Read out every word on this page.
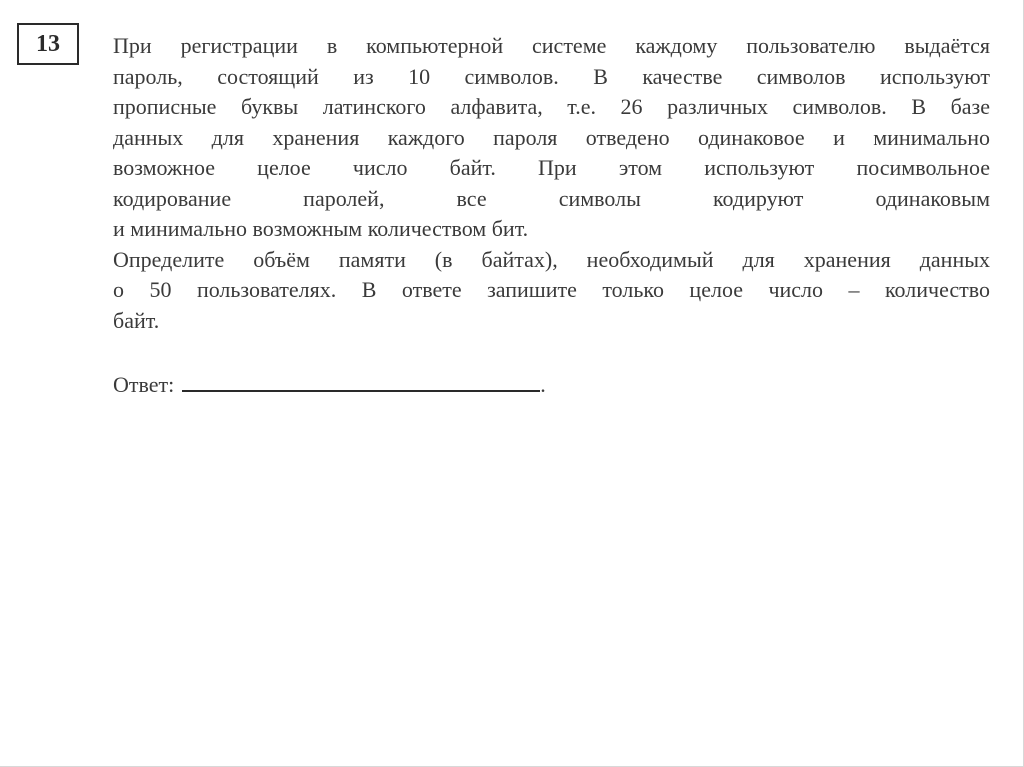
13 При регистрации в компьютерной системе каждому пользователю выдаётся
пароль, состоящий из 10 символов. В качестве символов используют
прописные буквы латинского алфавита, т.е. 26 различных символов. В базе
данных для хранения каждого пароля отведено одинаковое и минимально
возможное целое число байт. При этом используют посимвольное
кодирование паролей, все символы кодируют одинаковым
и минимально возможным количеством бит.
Определите объём памяти (в байтах), необходимый для хранения данных
о 50 пользователях. В ответе запишите только целое число – количество
байт.
Ответ:	.
